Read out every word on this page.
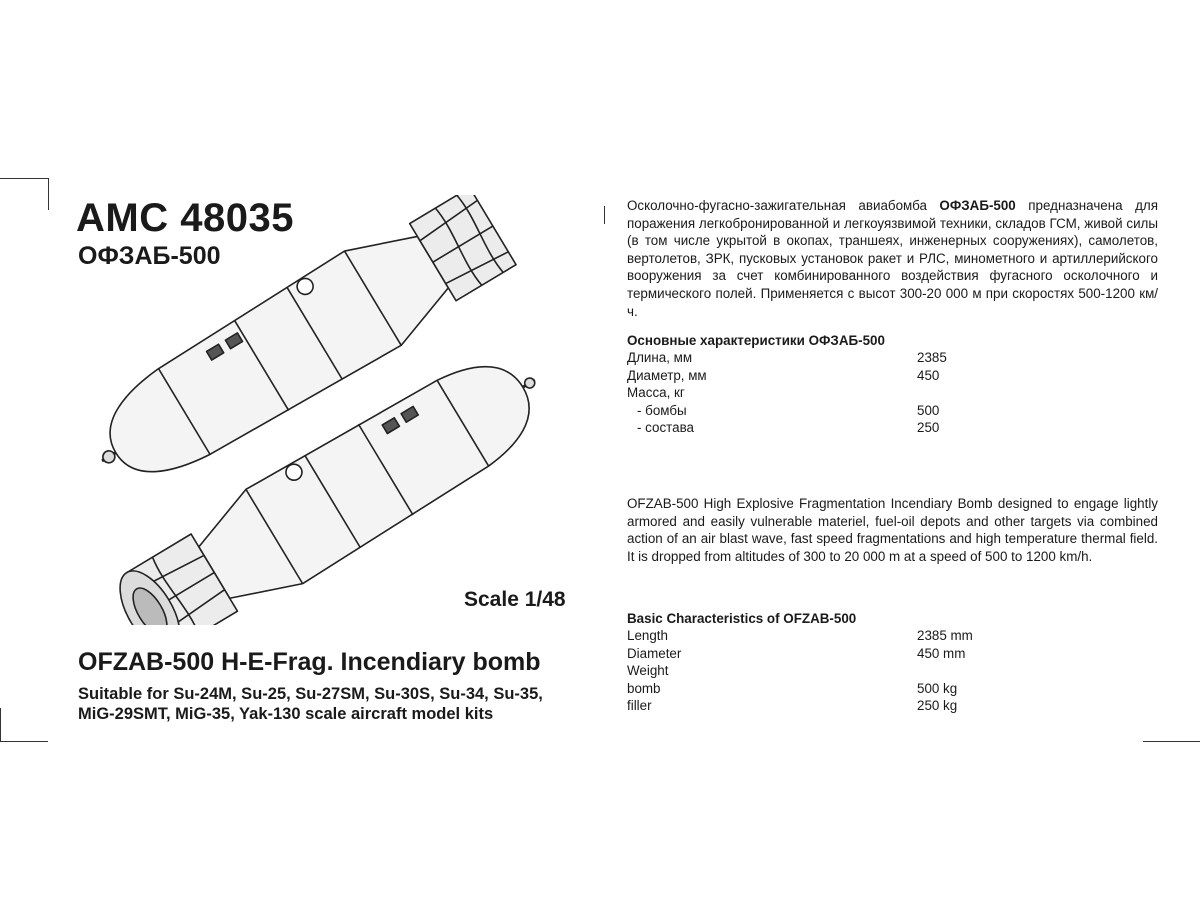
AMC 48035
ОФЗАБ-500
Scale 1/48
OFZAB-500 H-E-Frag. Incendiary bomb
Suitable for Su-24M, Su-25, Su-27SM, Su-30S, Su-34, Su-35,
MiG-29SMT, MiG-35, Yak-130 scale aircraft model kits
Осколочно-фугасно-зажигательная авиабомба ОФЗАБ-500 предназначена для поражения легкобронированной и легкоуязвимой техники, складов ГСМ, живой силы (в том числе укрытой в окопах, траншеях, инженерных сооружениях), самолетов, вертолетов, ЗРК, пусковых установок ракет и РЛС, минометного и артиллерийского вооружения за счет комбинированного воздействия фугасного осколочного и термического полей. Применяется с высот 300-20 000 м при скоростях 500-1200 км/ч.
Основные характеристики ОФЗАБ-500
Длина, мм	2385
Диаметр, мм	450
Масса, кг
- бомбы	500
- состава	250
OFZAB-500 High Explosive Fragmentation Incendiary Bomb designed to engage lightly armored and easily vulnerable materiel, fuel-oil depots and other targets via combined action of an air blast wave, fast speed fragmentations and high temperature thermal field. It is dropped from altitudes of 300 to 20 000 m at a speed of 500 to 1200 km/h.
Basic Characteristics of OFZAB-500
Length	2385 mm
Diameter	450 mm
Weight
bomb	500 kg
filler	250 kg
